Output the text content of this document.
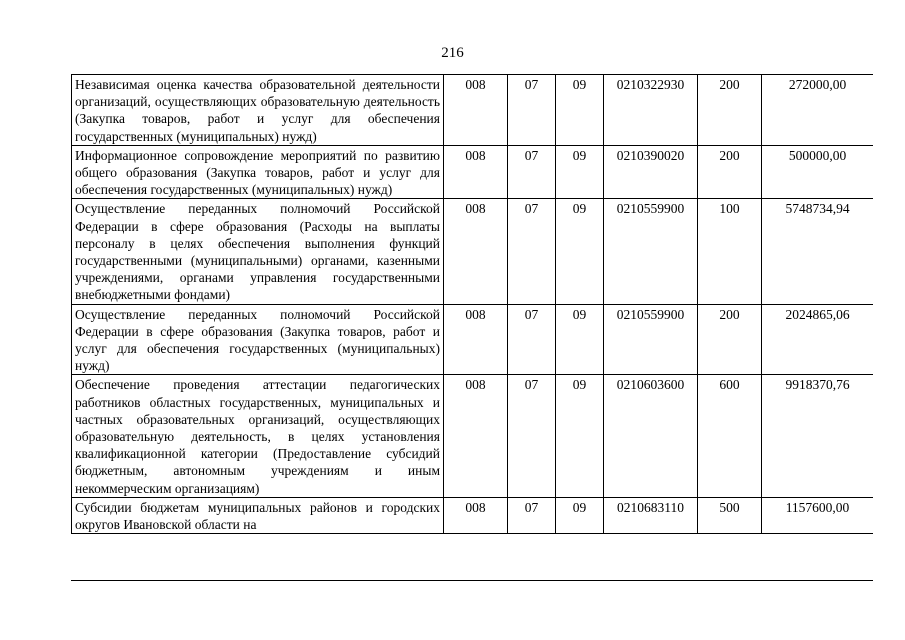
216
Независимая оценка качества образовательной деятельности организаций, осуществляющих образовательную деятельность (Закупка товаров, работ и услуг для обеспечения государственных (муниципальных) нужд)	008	07	09	0210322930	200	272000,00
Информационное сопровождение мероприятий по развитию общего образования (Закупка товаров, работ и услуг для обеспечения государственных (муниципальных) нужд)	008	07	09	0210390020	200	500000,00
Осуществление переданных полномочий Российской Федерации в сфере образования (Расходы на выплаты персоналу в целях обеспечения выполнения функций государственными (муниципальными) органами, казенными учреждениями, органами управления государственными внебюджетными фондами)	008	07	09	0210559900	100	5748734,94
Осуществление переданных полномочий Российской Федерации в сфере образования (Закупка товаров, работ и услуг для обеспечения государственных (муниципальных) нужд)	008	07	09	0210559900	200	2024865,06
Обеспечение проведения аттестации педагогических работников областных государственных, муниципальных и частных образовательных организаций, осуществляющих образовательную деятельность, в целях установления квалификационной категории (Предоставление субсидий бюджетным, автономным учреждениям и иным некоммерческим организациям)	008	07	09	0210603600	600	9918370,76
Субсидии бюджетам муниципальных районов и городских округов Ивановской области на	008	07	09	0210683110	500	1157600,00
